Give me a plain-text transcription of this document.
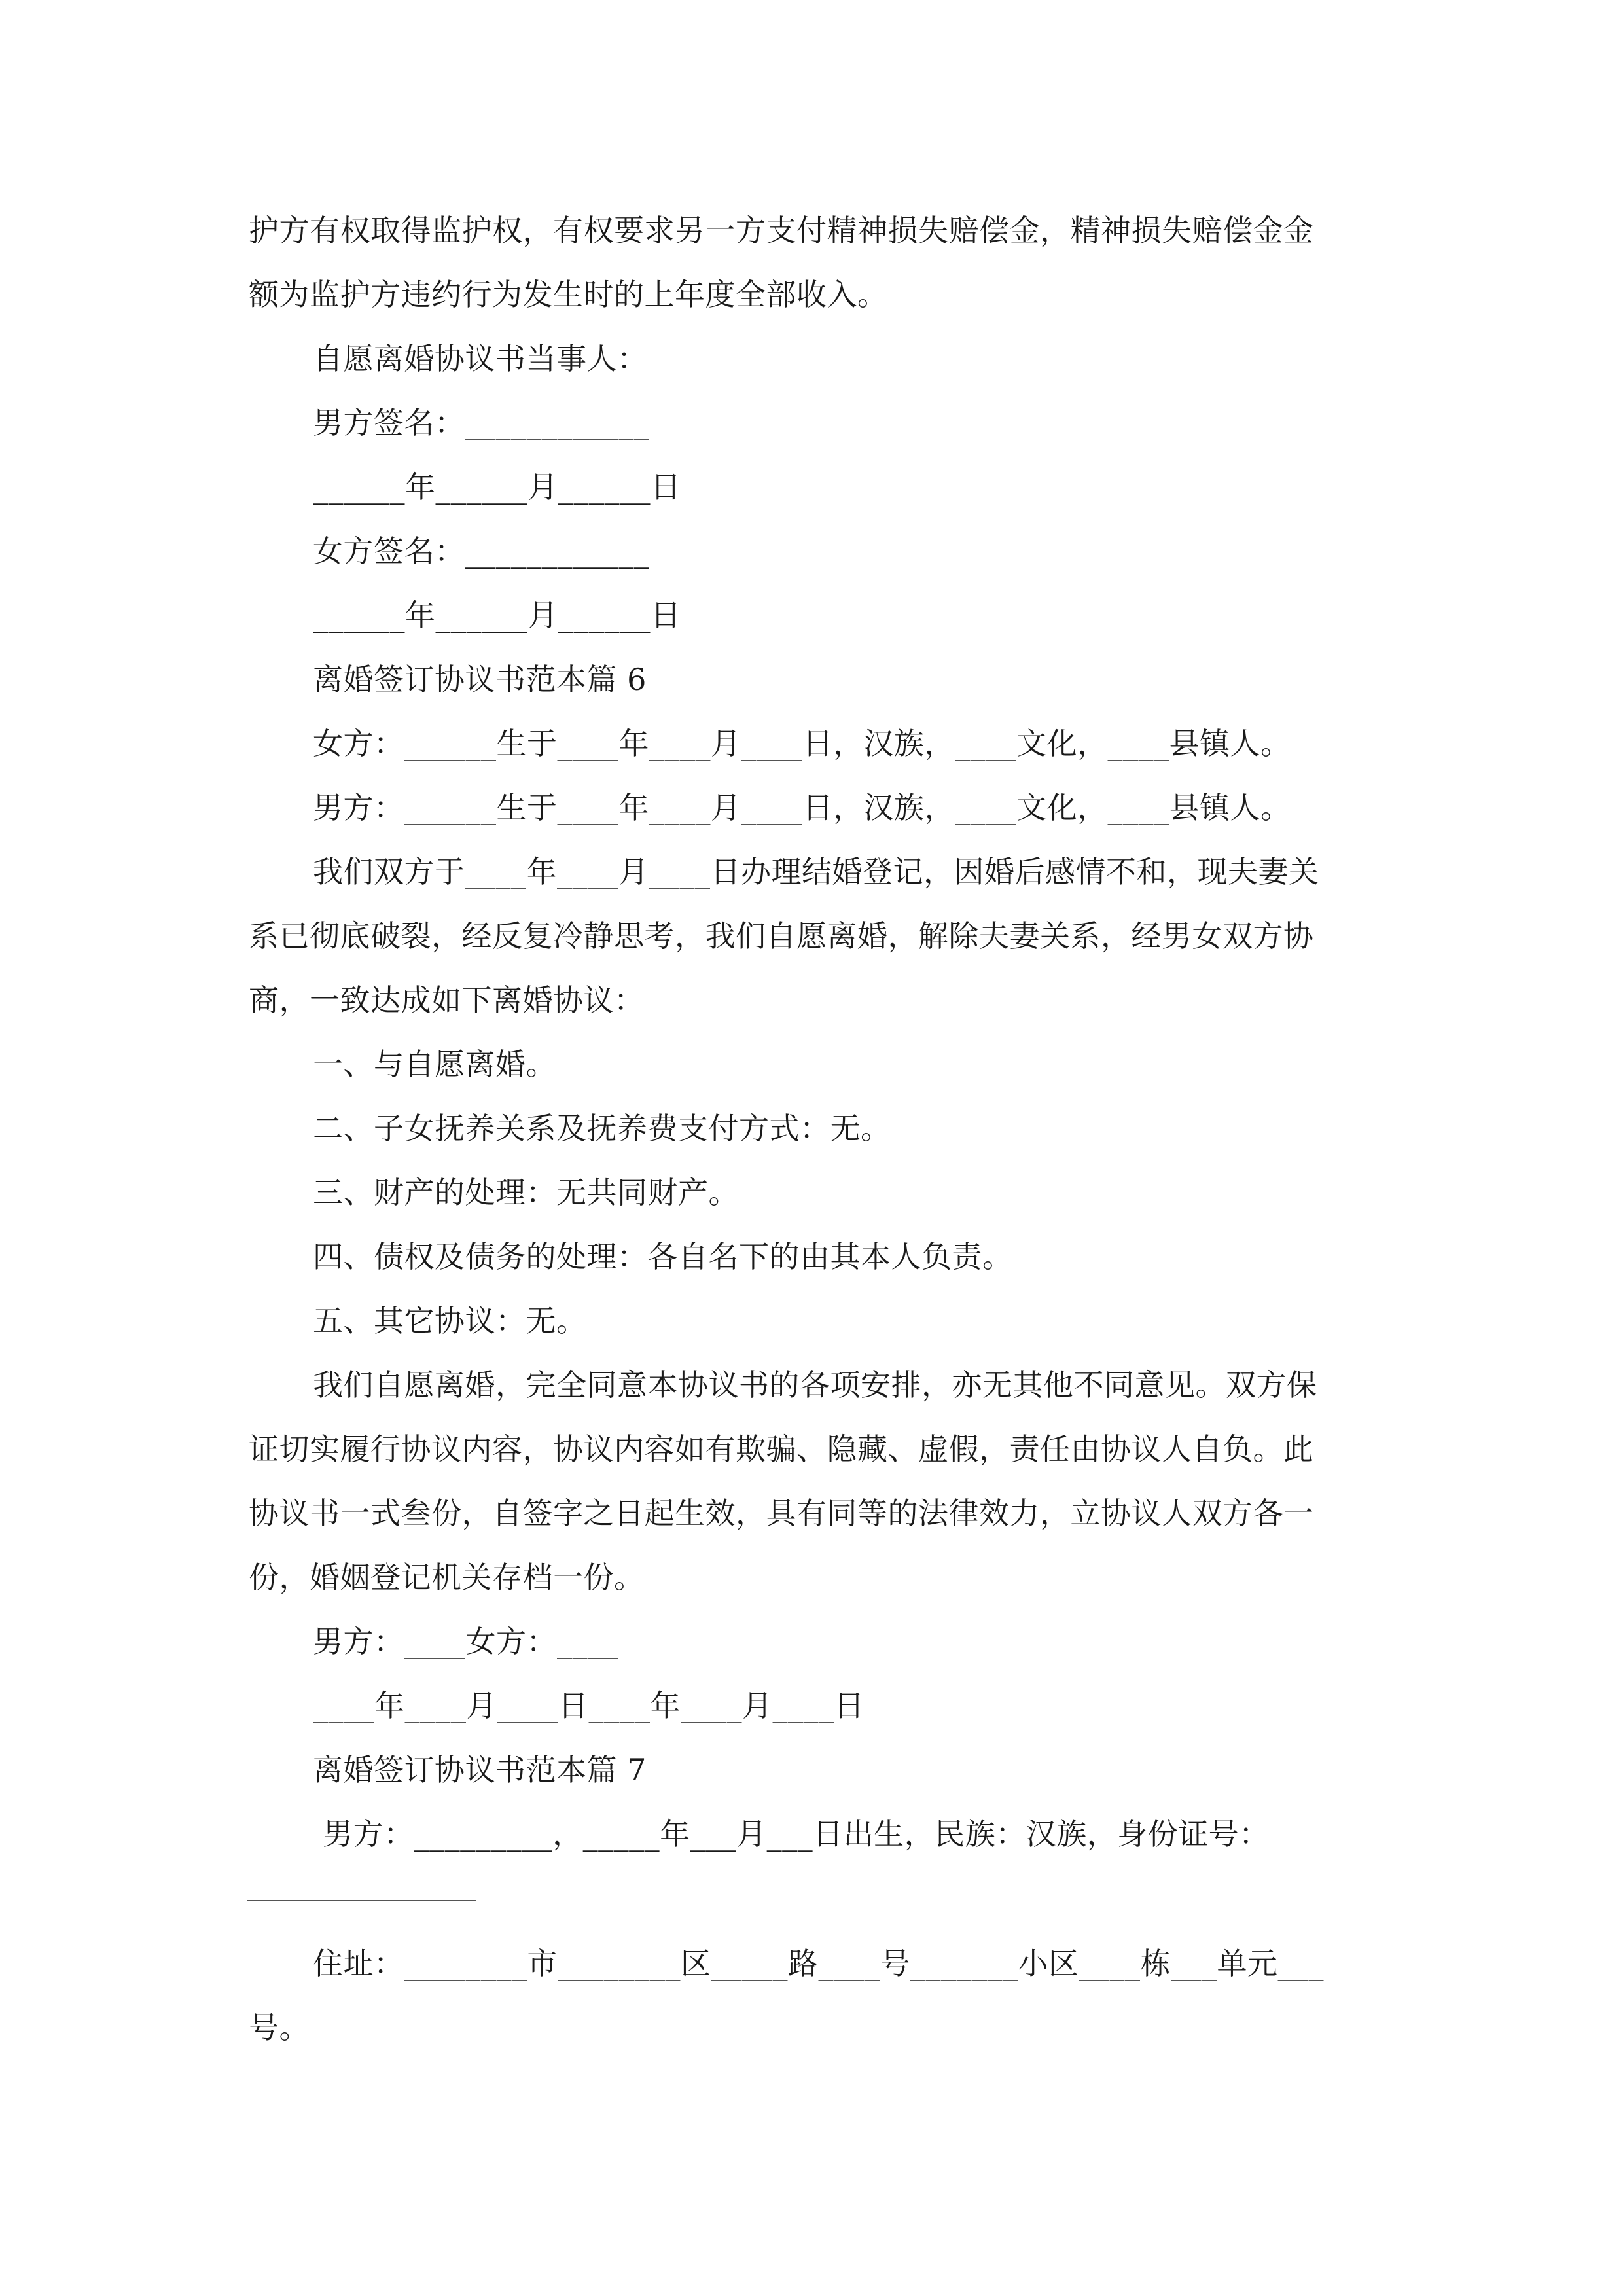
护方有权取得监护权，有权要求另一方支付精神损失赔偿金，精神损失赔偿金金
额为监护方违约行为发生时的上年度全部收入。
自愿离婚协议书当事人：
男方签名：____________
______年______月______日
女方签名：____________
______年______月______日
离婚签订协议书范本篇 6
女方：______生于____年____月____日，汉族，____文化，____县镇人。
男方：______生于____年____月____日，汉族，____文化，____县镇人。
我们双方于____年____月____日办理结婚登记，因婚后感情不和，现夫妻关
系已彻底破裂，经反复冷静思考，我们自愿离婚，解除夫妻关系，经男女双方协
商，一致达成如下离婚协议：
一、与自愿离婚。
二、子女抚养关系及抚养费支付方式：无。
三、财产的处理：无共同财产。
四、债权及债务的处理：各自名下的由其本人负责。
五、其它协议：无。
我们自愿离婚，完全同意本协议书的各项安排，亦无其他不同意见。双方保
证切实履行协议内容，协议内容如有欺骗、隐藏、虚假，责任由协议人自负。此
协议书一式叁份，自签字之日起生效，具有同等的法律效力，立协议人双方各一
份，婚姻登记机关存档一份。
男方：____女方：____
____年____月____日____年____月____日
离婚签订协议书范本篇 7
男方：_________，_____年___月___日出生，民族：汉族，身份证号：
住址：________市________区_____路____号_______小区____栋___单元___
号。
